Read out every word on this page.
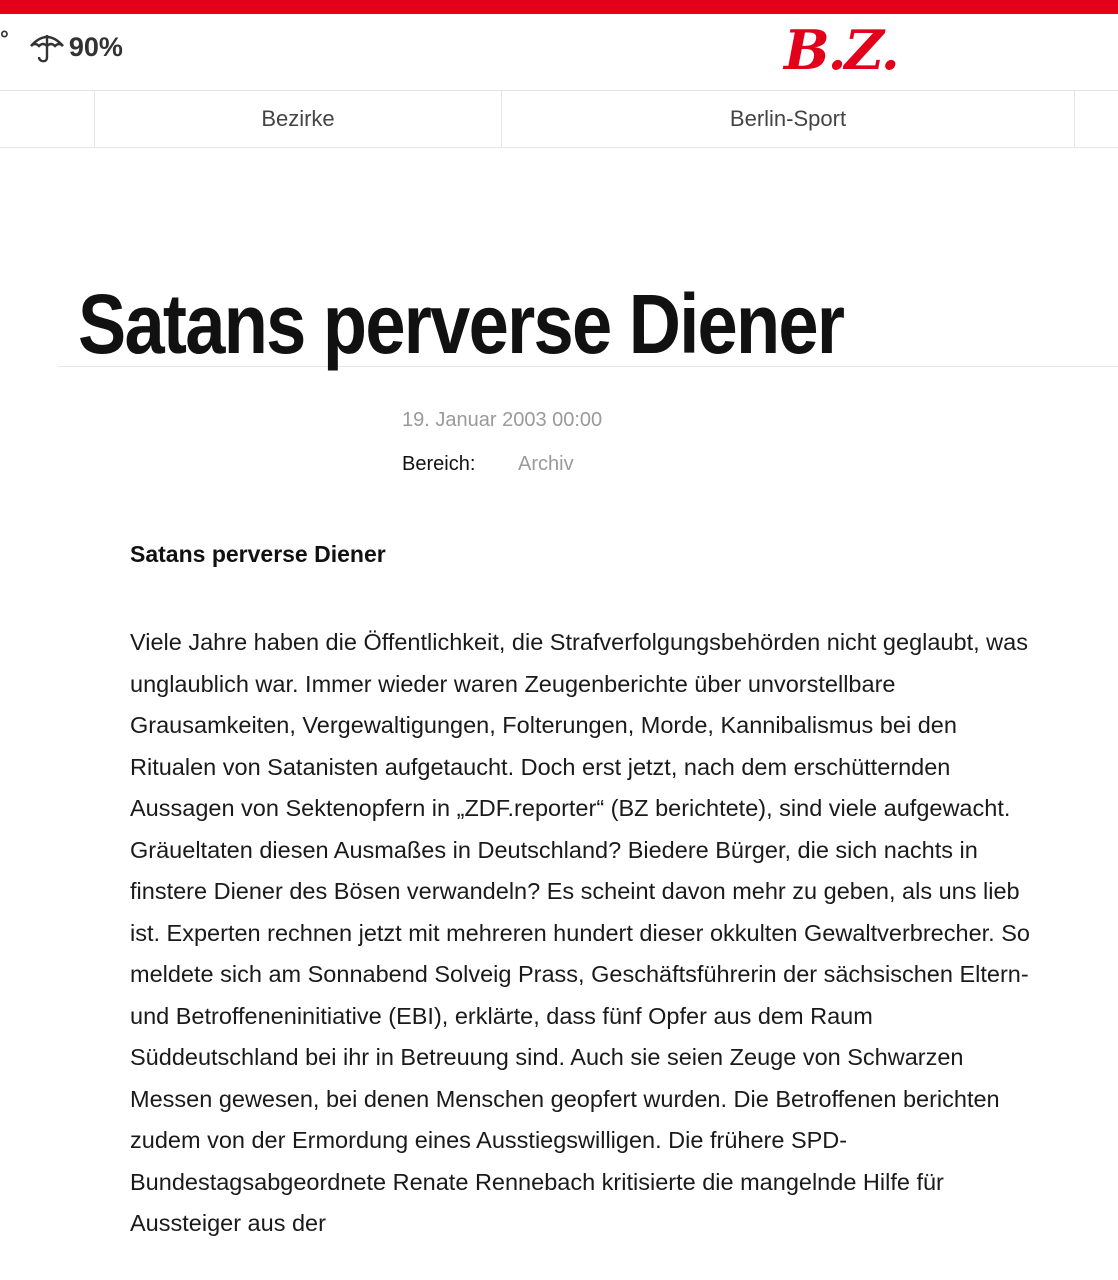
° 90%	B.Z.
Bezirke	Berlin-Sport
Satans perverse Diener
19. Januar 2003 00:00
Bereich: Archiv
Satans perverse Diener

Viele Jahre haben die Öffentlichkeit, die Strafverfolgungsbehörden nicht geglaubt, was unglaublich war. Immer wieder waren Zeugenberichte über unvorstellbare Grausamkeiten, Vergewaltigungen, Folterungen, Morde, Kannibalismus bei den Ritualen von Satanisten aufgetaucht. Doch erst jetzt, nach dem erschütternden Aussagen von Sektenopfern in „ZDF.reporter“ (BZ berichtete), sind viele aufgewacht. Gräueltaten diesen Ausmaßes in Deutschland? Biedere Bürger, die sich nachts in finstere Diener des Bösen verwandeln? Es scheint davon mehr zu geben, als uns lieb ist. Experten rechnen jetzt mit mehreren hundert dieser okkulten Gewaltverbrecher. So meldete sich am Sonnabend Solveig Prass, Geschäftsführerin der sächsischen Eltern- und Betroffeneninitiative (EBI), erklärte, dass fünf Opfer aus dem Raum Süddeutschland bei ihr in Betreuung sind. Auch sie seien Zeuge von Schwarzen Messen gewesen, bei denen Menschen geopfert wurden. Die Betroffenen berichten zudem von der Ermordung eines Ausstiegswilligen. Die frühere SPD-Bundestagsabgeordnete Renate Rennebach kritisierte die mangelnde Hilfe für Aussteiger aus der
